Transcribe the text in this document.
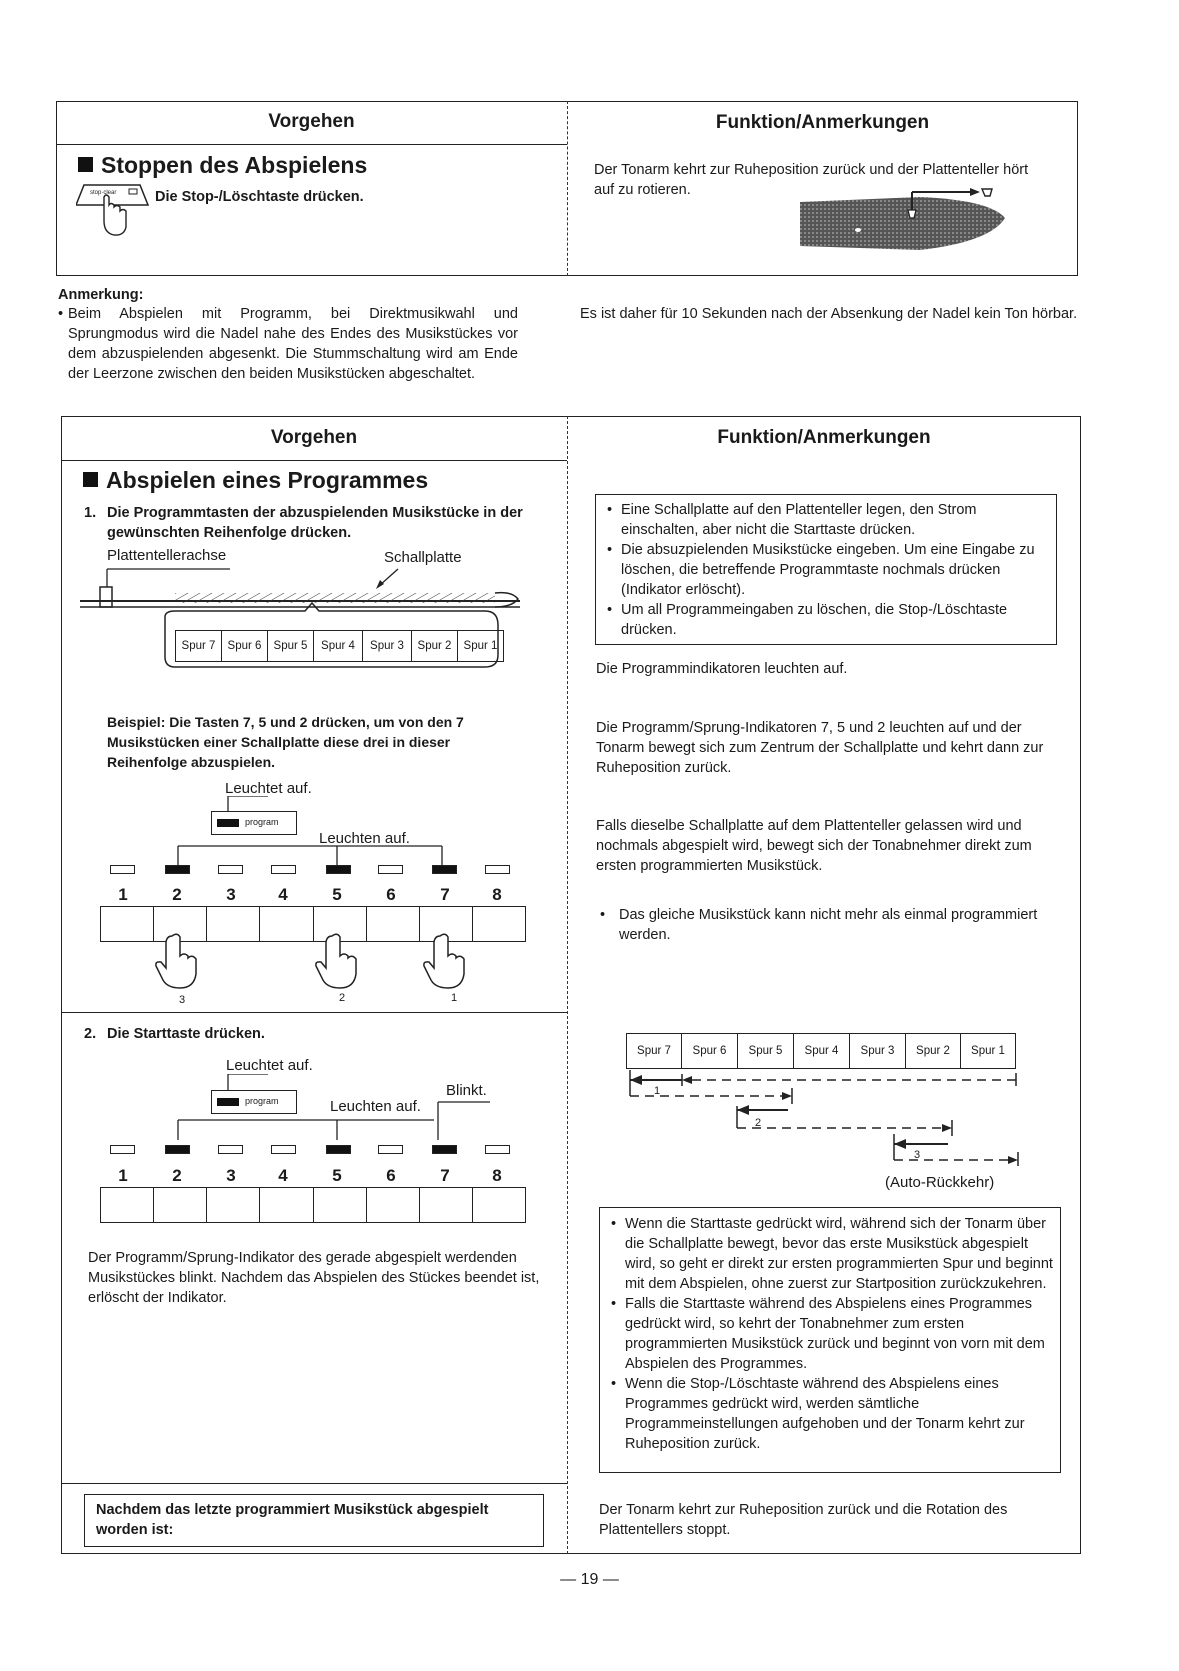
Vorgehen	Funktion/Anmerkungen
Stoppen des Abspielens
stop·clear	Die Stop-/Löschtaste drücken.
Der Tonarm kehrt zur Ruheposition zurück und der Plattenteller hört auf zu rotieren.
Anmerkung:
• Beim Abspielen mit Programm, bei Direktmusikwahl und Sprungmodus wird die Nadel nahe des Endes des Musikstückes vor dem abzuspielenden abgesenkt. Die Stummschaltung wird am Ende der Leerzone zwischen den beiden Musikstücken abgeschaltet.
Es ist daher für 10 Sekunden nach der Absenkung der Nadel kein Ton hörbar.
Vorgehen	Funktion/Anmerkungen
Abspielen eines Programmes
1. Die Programmtasten der abzuspielenden Musikstücke in der gewünschten Reihenfolge drücken.
Plattentellerachse	Schallplatte
Spur 7	Spur 6	Spur 5	Spur 4	Spur 3	Spur 2	Spur 1
Beispiel: Die Tasten 7, 5 und 2 drücken, um von den 7 Musikstücken einer Schallplatte diese drei in dieser Reihenfolge abzuspielen.
Leuchtet auf.
program
Leuchten auf.
1	2	3	4	5	6	7	8
3	2	1
• Eine Schallplatte auf den Plattenteller legen, den Strom einschalten, aber nicht die Starttaste drücken.
• Die absuzpielenden Musikstücke eingeben. Um eine Eingabe zu löschen, die betreffende Programmtaste nochmals drücken (Indikator erlöscht).
• Um all Programmeingaben zu löschen, die Stop-/Löschtaste drücken.
Die Programmindikatoren leuchten auf.
Die Programm/Sprung-Indikatoren 7, 5 und 2 leuchten auf und der Tonarm bewegt sich zum Zentrum der Schallplatte und kehrt dann zur Ruheposition zurück.
Falls dieselbe Schallplatte auf dem Plattenteller gelassen wird und nochmals abgespielt wird, bewegt sich der Tonabnehmer direkt zum ersten programmierten Musikstück.
• Das gleiche Musikstück kann nicht mehr als einmal programmiert werden.
2. Die Starttaste drücken.
Leuchtet auf.
program
Blinkt.
Leuchten auf.
1	2	3	4	5	6	7	8
Der Programm/Sprung-Indikator des gerade abgespielt werdenden Musikstückes blinkt. Nachdem das Abspielen des Stückes beendet ist, erlöscht der Indikator.
Spur 7	Spur 6	Spur 5	Spur 4	Spur 3	Spur 2	Spur 1
1
2
3
(Auto-Rückkehr)
• Wenn die Starttaste gedrückt wird, während sich der Tonarm über die Schallplatte bewegt, bevor das erste Musikstück abgespielt wird, so geht er direkt zur ersten programmierten Spur und beginnt mit dem Abspielen, ohne zuerst zur Startposition zurückzukehren.
• Falls die Starttaste während des Abspielens eines Programmes gedrückt wird, so kehrt der Tonabnehmer zum ersten programmierten Musikstück zurück und beginnt von vorn mit dem Abspielen des Programmes.
• Wenn die Stop-/Löschtaste während des Abspielens eines Programmes gedrückt wird, werden sämtliche Programmeinstellungen aufgehoben und der Tonarm kehrt zur Ruheposition zurück.
Nachdem das letzte programmiert Musikstück abgespielt worden ist:
Der Tonarm kehrt zur Ruheposition zurück und die Rotation des Plattentellers stoppt.
— 19 —
